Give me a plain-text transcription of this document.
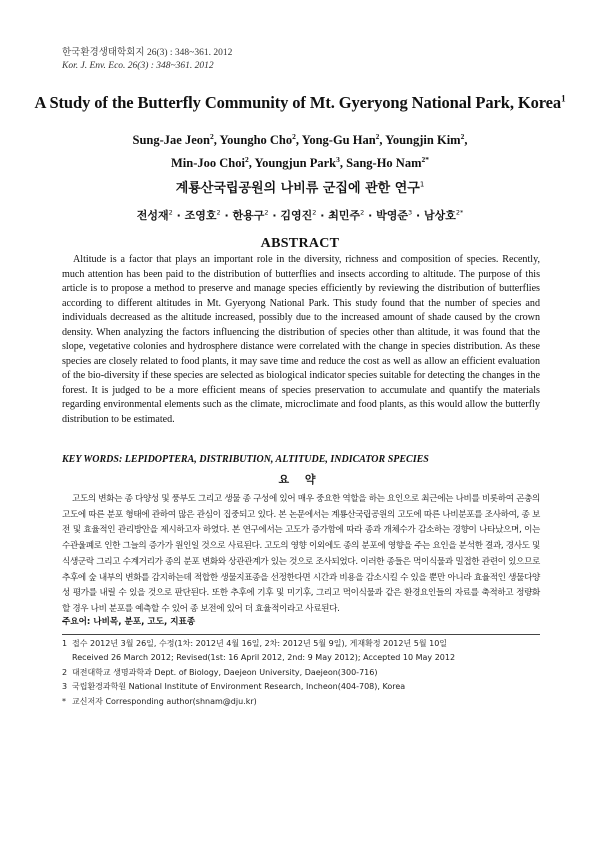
한국환경생태학회지 26(3) : 348~361. 2012
Kor. J. Env. Eco. 26(3) : 348~361. 2012
A Study of the Butterfly Community of Mt. Gyeryong National Park, Korea$^1$
Sung-Jae Jeon$^2$, Youngho Cho$^2$, Yong-Gu Han$^2$, Youngjin Kim$^2$,
Min-Joo Choi$^2$, Youngjun Park$^3$, Sang-Ho Nam$^{2*}$
계룡산국립공원의 나비류 군집에 관한 연구$^1$
전성재$^2$ · 조영호$^2$ · 한용구$^2$ · 김영진$^2$ · 최민주$^2$ · 박영준$^3$ · 남상호$^{2*}$
ABSTRACT
Altitude is a factor that plays an important role in the diversity, richness and composition of species. Recently, much attention has been paid to the distribution of butterflies and insects according to altitude. The purpose of this article is to propose a method to preserve and manage species efficiently by reviewing the distribution of butterflies according to different altitudes in Mt. Gyeryong National Park. This study found that the number of species and individuals decreased as the altitude increased, possibly due to the increased amount of shade caused by the crown density. When analyzing the factors influencing the distribution of species other than altitude, it was found that the slope, vegetative colonies and hydrosphere distance were correlated with the change in species distribution. As these species are closely related to food plants, it may save time and reduce the cost as well as allow an efficient evaluation of the bio-diversity if these species are selected as biological indicator species suitable for detecting the changes in the forest. It is judged to be a more efficient means of species preservation to accumulate and quantify the materials regarding environmental elements such as the climate, microclimate and food plants, as this would allow the butterfly distribution to be estimated.
KEY WORDS: LEPIDOPTERA, DISTRIBUTION, ALTITUDE, INDICATOR SPECIES
요 약
고도의 변화는 종 다양성 및 풍부도 그리고 생물 종 구성에 있어 매우 중요한 역할을 하는 요인으로 최근에는 나비를 비롯하여 곤충의 고도에 따른 분포 형태에 관하여 많은 관심이 집중되고 있다. 본 논문에서는 계룡산국립공원의 고도에 따른 나비분포를 조사하여, 종 보전 및 효율적인 관리방안을 제시하고자 하였다. 본 연구에서는 고도가 증가함에 따라 종과 개체수가 감소하는 경향이 나타났으며, 이는 수관울폐로 인한 그늘의 증가가 원인일 것으로 사료된다. 고도의 영향 이외에도 종의 분포에 영향을 주는 요인을 분석한 결과, 경사도 및 식생군락 그리고 수계거리가 종의 분포 변화와 상관관계가 있는 것으로 조사되었다. 이러한 종들은 먹이식물과 밀접한 관련이 있으므로 추후에 숲 내부의 변화를 감지하는데 적합한 생물지표종을 선정한다면 시간과 비용을 감소시킬 수 있을 뿐만 아니라 효율적인 생물다양성 평가를 내릴 수 있을 것으로 판단된다. 또한 추후에 기후 및 미기후, 그리고 먹이식물과 같은 환경요인들의 자료를 축적하고 정량화 할 경우 나비 분포를 예측할 수 있어 종 보전에 있어 더 효율적이라고 사료된다.
주요어: 나비목, 분포, 고도, 지표종
1 접수 2012년 3월 26일, 수정(1차: 2012년 4월 16일, 2차: 2012년 5월 9일), 게재확정 2012년 5월 10일
Received 26 March 2012; Revised(1st: 16 April 2012, 2nd: 9 May 2012); Accepted 10 May 2012
2 대전대학교 생명과학과 Dept. of Biology, Daejeon University, Daejeon(300-716)
3 국립환경과학원 National Institute of Environment Research, Incheon(404-708), Korea
* 교신저자 Corresponding author(shnam@dju.kr)
